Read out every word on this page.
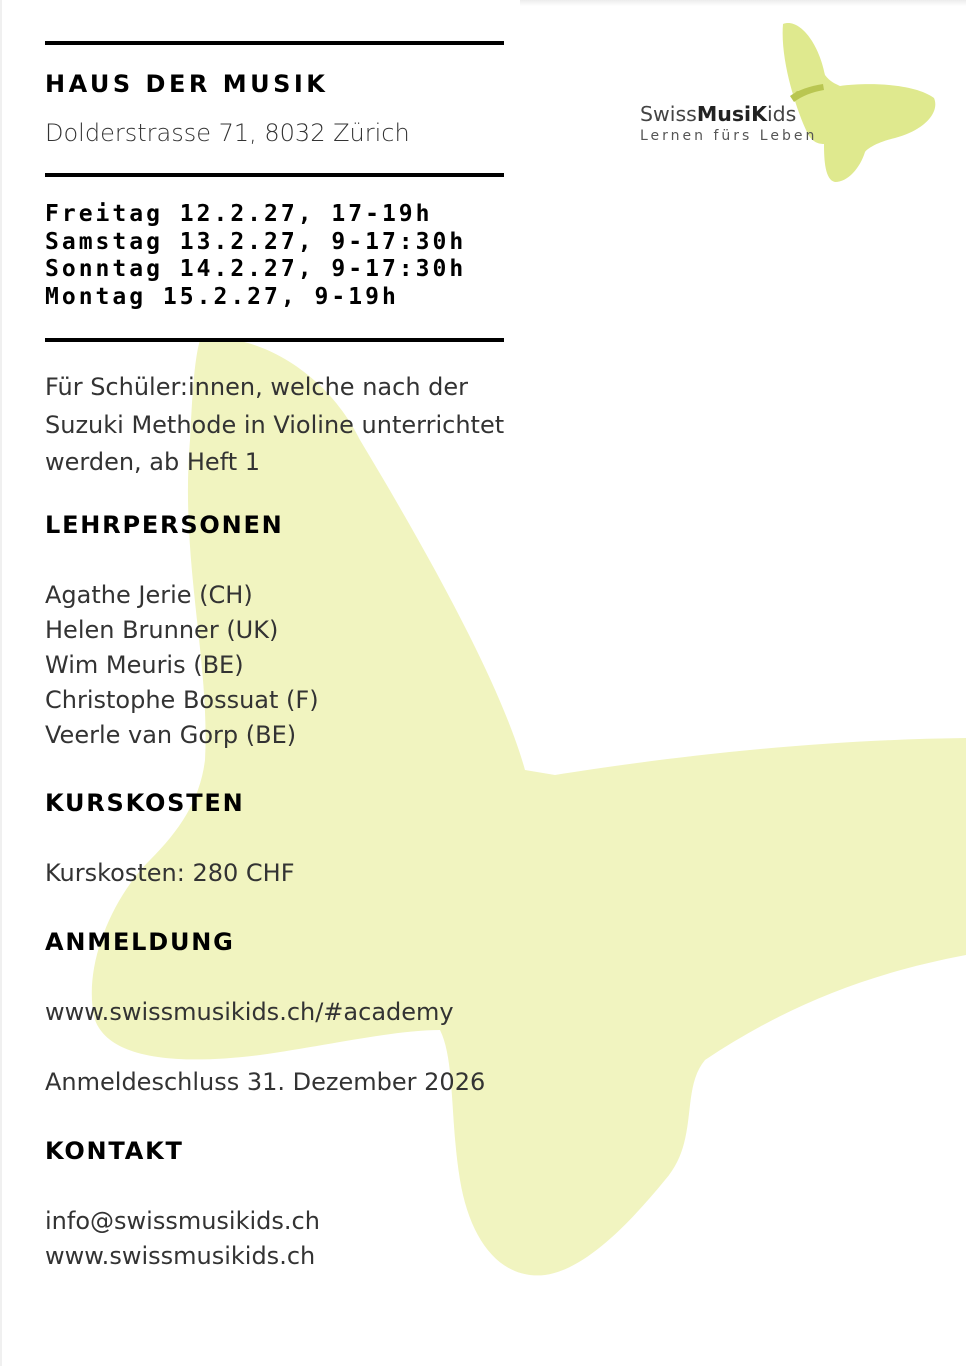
HAUS DER MUSIK
Dolderstrasse 71, 8032 Zürich
Freitag 12.2.27, 17-19h
Samstag 13.2.27, 9-17:30h
Sonntag 14.2.27, 9-17:30h
Montag 15.2.27, 9-19h

Für Schüler:innen, welche nach der Suzuki Methode in Violine unterrichtet werden, ab Heft 1

LEHRPERSONEN
Agathe Jerie (CH)
Helen Brunner (UK)
Wim Meuris (BE)
Christophe Bossuat (F)
Veerle van Gorp (BE)
KURSKOSTEN
Kurskosten: 280 CHF
ANMELDUNG
www.swissmusikids.ch/#academy
Anmeldeschluss 31. Dezember 2026
KONTAKT
info@swissmusikids.ch
www.swissmusikids.ch
SwissMusiKids
Lernen fürs Leben
